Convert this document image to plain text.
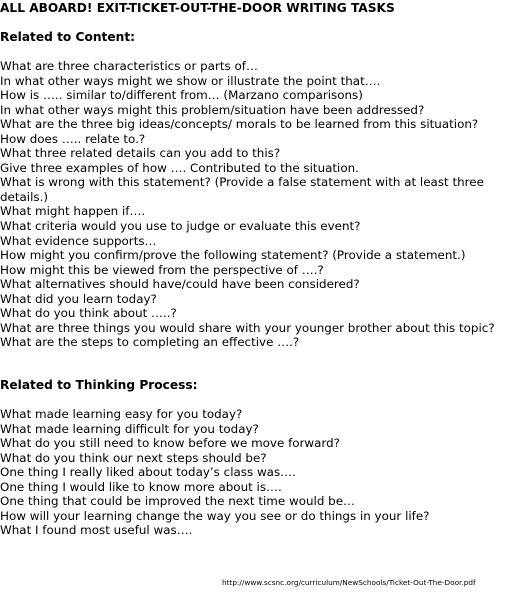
ALL ABOARD! EXIT-TICKET-OUT-THE-DOOR WRITING TASKS
Related to Content:
What are three characteristics or parts of…
In what other ways might we show or illustrate the point that….
How is ….. similar to/different from… (Marzano comparisons)
In what other ways might this problem/situation have been addressed?
What are the three big ideas/concepts/ morals to be learned from this situation?
How does ….. relate to.?
What three related details can you add to this?
Give three examples of how …. Contributed to the situation.
What is wrong with this statement? (Provide a false statement with at least three
details.)
What might happen if….
What criteria would you use to judge or evaluate this event?
What evidence supports…
How might you confirm/prove the following statement? (Provide a statement.)
How might this be viewed from the perspective of ….?
What alternatives should have/could have been considered?
What did you learn today?
What do you think about …..?
What are three things you would share with your younger brother about this topic?
What are the steps to completing an effective ….?
Related to Thinking Process:
What made learning easy for you today?
What made learning difficult for you today?
What do you still need to know before we move forward?
What do you think our next steps should be?
One thing I really liked about today’s class was….
One thing I would like to know more about is….
One thing that could be improved the next time would be…
How will your learning change the way you see or do things in your life?
What I found most useful was….
http://www.scsnc.org/curriculum/NewSchools/Ticket-Out-The-Door.pdf
